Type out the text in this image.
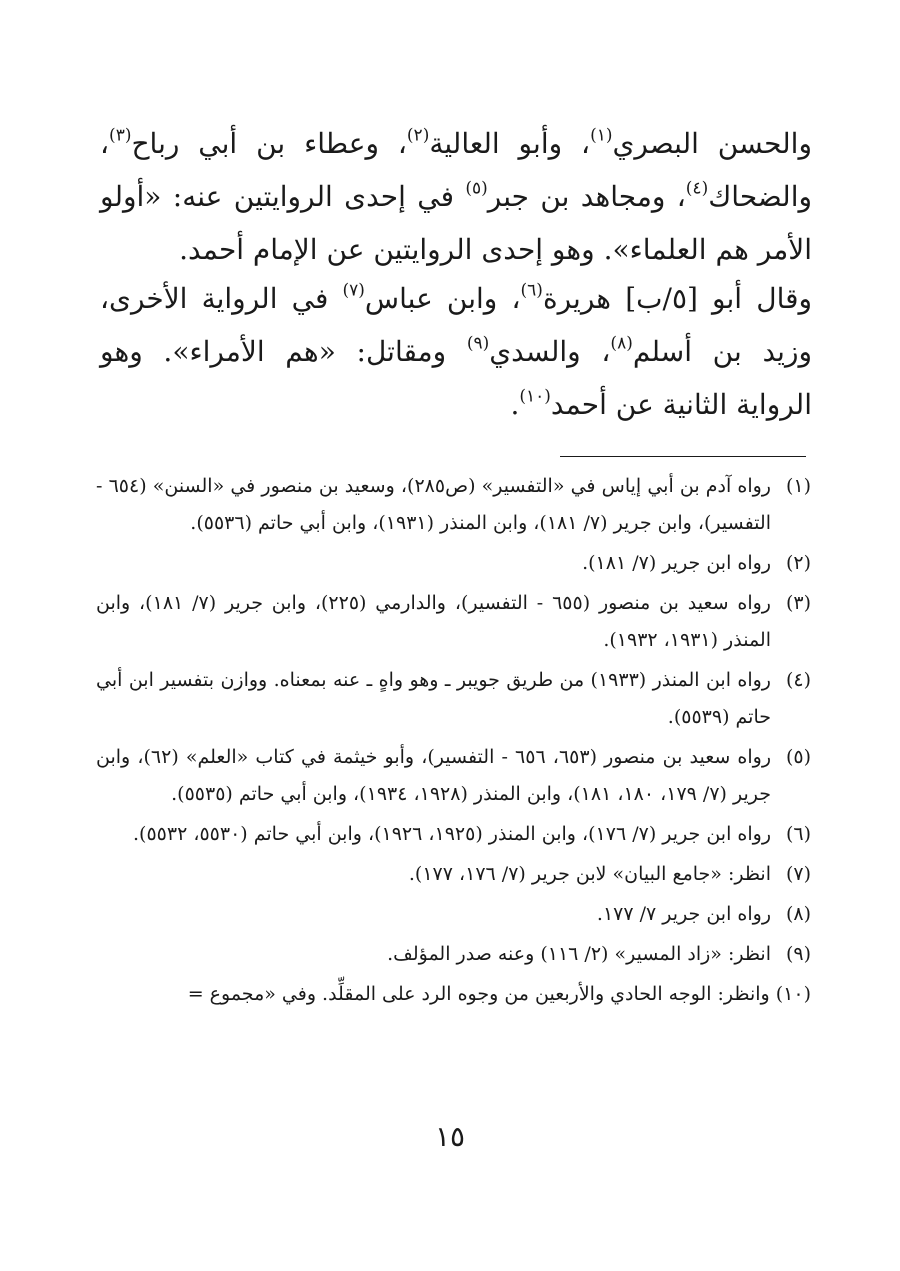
والحسن البصري$^{(١)}$، وأبو العالية$^{(٢)}$، وعطاء بن أبي رباح$^{(٣)}$، والضحاك$^{(٤)}$، ومجاهد بن جبر$^{(٥)}$ في إحدى الروايتين عنه: «أولو الأمر هم العلماء». وهو إحدى الروايتين عن الإمام أحمد.

وقال أبو [٥/ب] هريرة$^{(٦)}$، وابن عباس$^{(٧)}$ في الرواية الأخرى، وزيد بن أسلم$^{(٨)}$، والسدي$^{(٩)}$ ومقاتل: «هم الأمراء». وهو الرواية الثانية عن أحمد$^{(١٠)}$.

(١)
رواه آدم بن أبي إياس في «التفسير» (ص٢٨٥)، وسعيد بن منصور في «السنن» (٦٥٤ - التفسير)، وابن جرير (٧/ ١٨١)، وابن المنذر (١٩٣١)، وابن أبي حاتم (٥٥٣٦).
(٢)
رواه ابن جرير (٧/ ١٨١).
(٣)
رواه سعيد بن منصور (٦٥٥ - التفسير)، والدارمي (٢٢٥)، وابن جرير (٧/ ١٨١)، وابن المنذر (١٩٣١، ١٩٣٢).
(٤)
رواه ابن المنذر (١٩٣٣) من طريق جويبر ـ وهو واهٍ ـ عنه بمعناه. ووازن بتفسير ابن أبي حاتم (٥٥٣٩).
(٥)
رواه سعيد بن منصور (٦٥٣، ٦٥٦ - التفسير)، وأبو خيثمة في كتاب «العلم» (٦٢)، وابن جرير (٧/ ١٧٩، ١٨٠، ١٨١)، وابن المنذر (١٩٢٨، ١٩٣٤)، وابن أبي حاتم (٥٥٣٥).
(٦)
رواه ابن جرير (٧/ ١٧٦)، وابن المنذر (١٩٢٥، ١٩٢٦)، وابن أبي حاتم (٥٥٣٠، ٥٥٣٢).
(٧)
انظر: «جامع البيان» لابن جرير (٧/ ١٧٦، ١٧٧).
(٨)
رواه ابن جرير ٧/ ١٧٧.
(٩)
انظر: «زاد المسير» (٢/ ١١٦) وعنه صدر المؤلف.
(١٠)وانظر: الوجه الحادي والأربعين من وجوه الرد على المقلِّد. وفي «مجموع =
١٥
